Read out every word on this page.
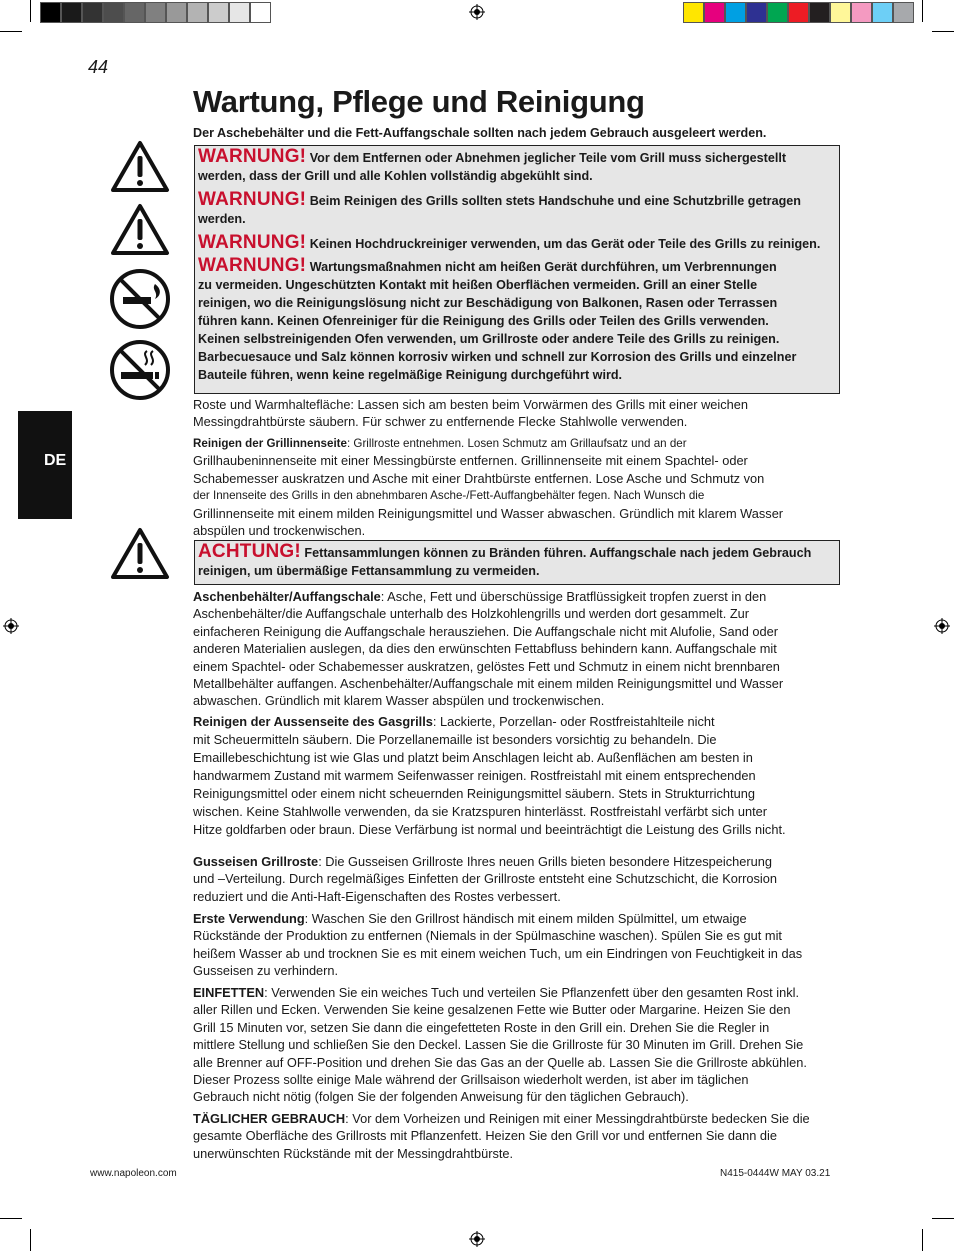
44
Wartung, Pflege und Reinigung
Der Aschebehälter und die Fett-Auffangschale sollten nach jedem Gebrauch ausgeleert werden.
DE

WARNUNG! Vor dem Entfernen oder Abnehmen jeglicher Teile vom Grill muss sichergestellt

werden, dass der Grill und alle Kohlen vollständig abgekühlt sind.

WARNUNG! Beim Reinigen des Grills sollten stets Handschuhe und eine Schutzbrille getragen

werden.

WARNUNG! Keinen Hochdruckreiniger verwenden, um das Gerät oder Teile des Grills zu reinigen.

WARNUNG! Wartungsmaßnahmen nicht am heißen Gerät durchführen, um Verbrennungen

zu vermeiden. Ungeschützten Kontakt mit heißen Oberflächen vermeiden. Grill an einer Stelle

reinigen, wo die Reinigungslösung nicht zur Beschädigung von Balkonen, Rasen oder Terrassen

führen kann. Keinen Ofenreiniger für die Reinigung des Grills oder Teilen des Grills verwenden.

Keinen selbstreinigenden Ofen verwenden, um Grillroste oder andere Teile des Grills zu reinigen.

Barbecuesauce und Salz können korrosiv wirken und schnell zur Korrosion des Grills und einzelner

Bauteile führen, wenn keine regelmäßige Reinigung durchgeführt wird.

Roste und Warmhaltefläche: Lassen sich am besten beim Vorwärmen des Grills mit einer weichen
Messingdrahtbürste säubern. Für schwer zu entfernende Flecke Stahlwolle verwenden.
Reinigen der Grillinnenseite: Grillroste entnehmen. Losen Schmutz am Grillaufsatz und an der
Grillhaubeninnenseite mit einer Messingbürste entfernen. Grillinnenseite mit einem Spachtel- oder
Schabemesser auskratzen und Asche mit einer Drahtbürste entfernen. Lose Asche und Schmutz von
der Innenseite des Grills in den abnehmbaren Asche-/Fett-Auffangbehälter fegen. Nach Wunsch die
Grillinnenseite mit einem milden Reinigungsmittel und Wasser abwaschen. Gründlich mit klarem Wasser
abspülen und trockenwischen.

ACHTUNG! Fettansammlungen können zu Bränden führen. Auffangschale nach jedem Gebrauch

reinigen, um übermäßige Fettansammlung zu vermeiden.

Aschenbehälter/Auffangschale: Asche, Fett und überschüssige Bratflüssigkeit tropfen zuerst in den
Aschenbehälter/die Auffangschale unterhalb des Holzkohlengrills und werden dort gesammelt. Zur
einfacheren Reinigung die Auffangschale herausziehen. Die Auffangschale nicht mit Alufolie, Sand oder
anderen Materialien auslegen, da dies den erwünschten Fettabfluss behindern kann. Auffangschale mit
einem Spachtel- oder Schabemesser auskratzen, gelöstes Fett und Schmutz in einem nicht brennbaren
Metallbehälter auffangen. Aschenbehälter/Auffangschale mit einem milden Reinigungsmittel und Wasser
abwaschen. Gründlich mit klarem Wasser abspülen und trockenwischen.
Reinigen der Aussenseite des Gasgrills: Lackierte, Porzellan- oder Rostfreistahlteile nicht
mit Scheuermitteln säubern. Die Porzellanemaille ist besonders vorsichtig zu behandeln. Die
Emaillebeschichtung ist wie Glas und platzt beim Anschlagen leicht ab. Außenflächen am besten in
handwarmem Zustand mit warmem Seifenwasser reinigen. Rostfreistahl mit einem entsprechenden
Reinigungsmittel oder einem nicht scheuernden Reinigungsmittel säubern. Stets in Strukturrichtung
wischen. Keine Stahlwolle verwenden, da sie Kratzspuren hinterlässt. Rostfreistahl verfärbt sich unter
Hitze goldfarben oder braun. Diese Verfärbung ist normal und beeinträchtigt die Leistung des Grills nicht.
Gusseisen Grillroste: Die Gusseisen Grillroste Ihres neuen Grills bieten besondere Hitzespeicherung
und –Verteilung. Durch regelmäßiges Einfetten der Grillroste entsteht eine Schutzschicht, die Korrosion
reduziert und die Anti-Haft-Eigenschaften des Rostes verbessert.
Erste Verwendung: Waschen Sie den Grillrost händisch mit einem milden Spülmittel, um etwaige
Rückstände der Produktion zu entfernen (Niemals in der Spülmaschine waschen). Spülen Sie es gut mit
heißem Wasser ab und trocknen Sie es mit einem weichen Tuch, um ein Eindringen von Feuchtigkeit in das
Gusseisen zu verhindern.
EINFETTEN: Verwenden Sie ein weiches Tuch und verteilen Sie Pflanzenfett über den gesamten Rost inkl.
aller Rillen und Ecken. Verwenden Sie keine gesalzenen Fette wie Butter oder Margarine. Heizen Sie den
Grill 15 Minuten vor, setzen Sie dann die eingefetteten Roste in den Grill ein. Drehen Sie die Regler in
mittlere Stellung und schließen Sie den Deckel. Lassen Sie die Grillroste für 30 Minuten im Grill. Drehen Sie
alle Brenner auf OFF-Position und drehen Sie das Gas an der Quelle ab. Lassen Sie die Grillroste abkühlen.
Dieser Prozess sollte einige Male während der Grillsaison wiederholt werden, ist aber im täglichen
Gebrauch nicht nötig (folgen Sie der folgenden Anweisung für den täglichen Gebrauch).
TÄGLICHER GEBRAUCH: Vor dem Vorheizen und Reinigen mit einer Messingdrahtbürste bedecken Sie die
gesamte Oberfläche des Grillrosts mit Pflanzenfett. Heizen Sie den Grill vor und entfernen Sie dann die
unerwünschten Rückstände mit der Messingdrahtbürste.
www.napoleon.com	N415-0444W MAY 03.21
